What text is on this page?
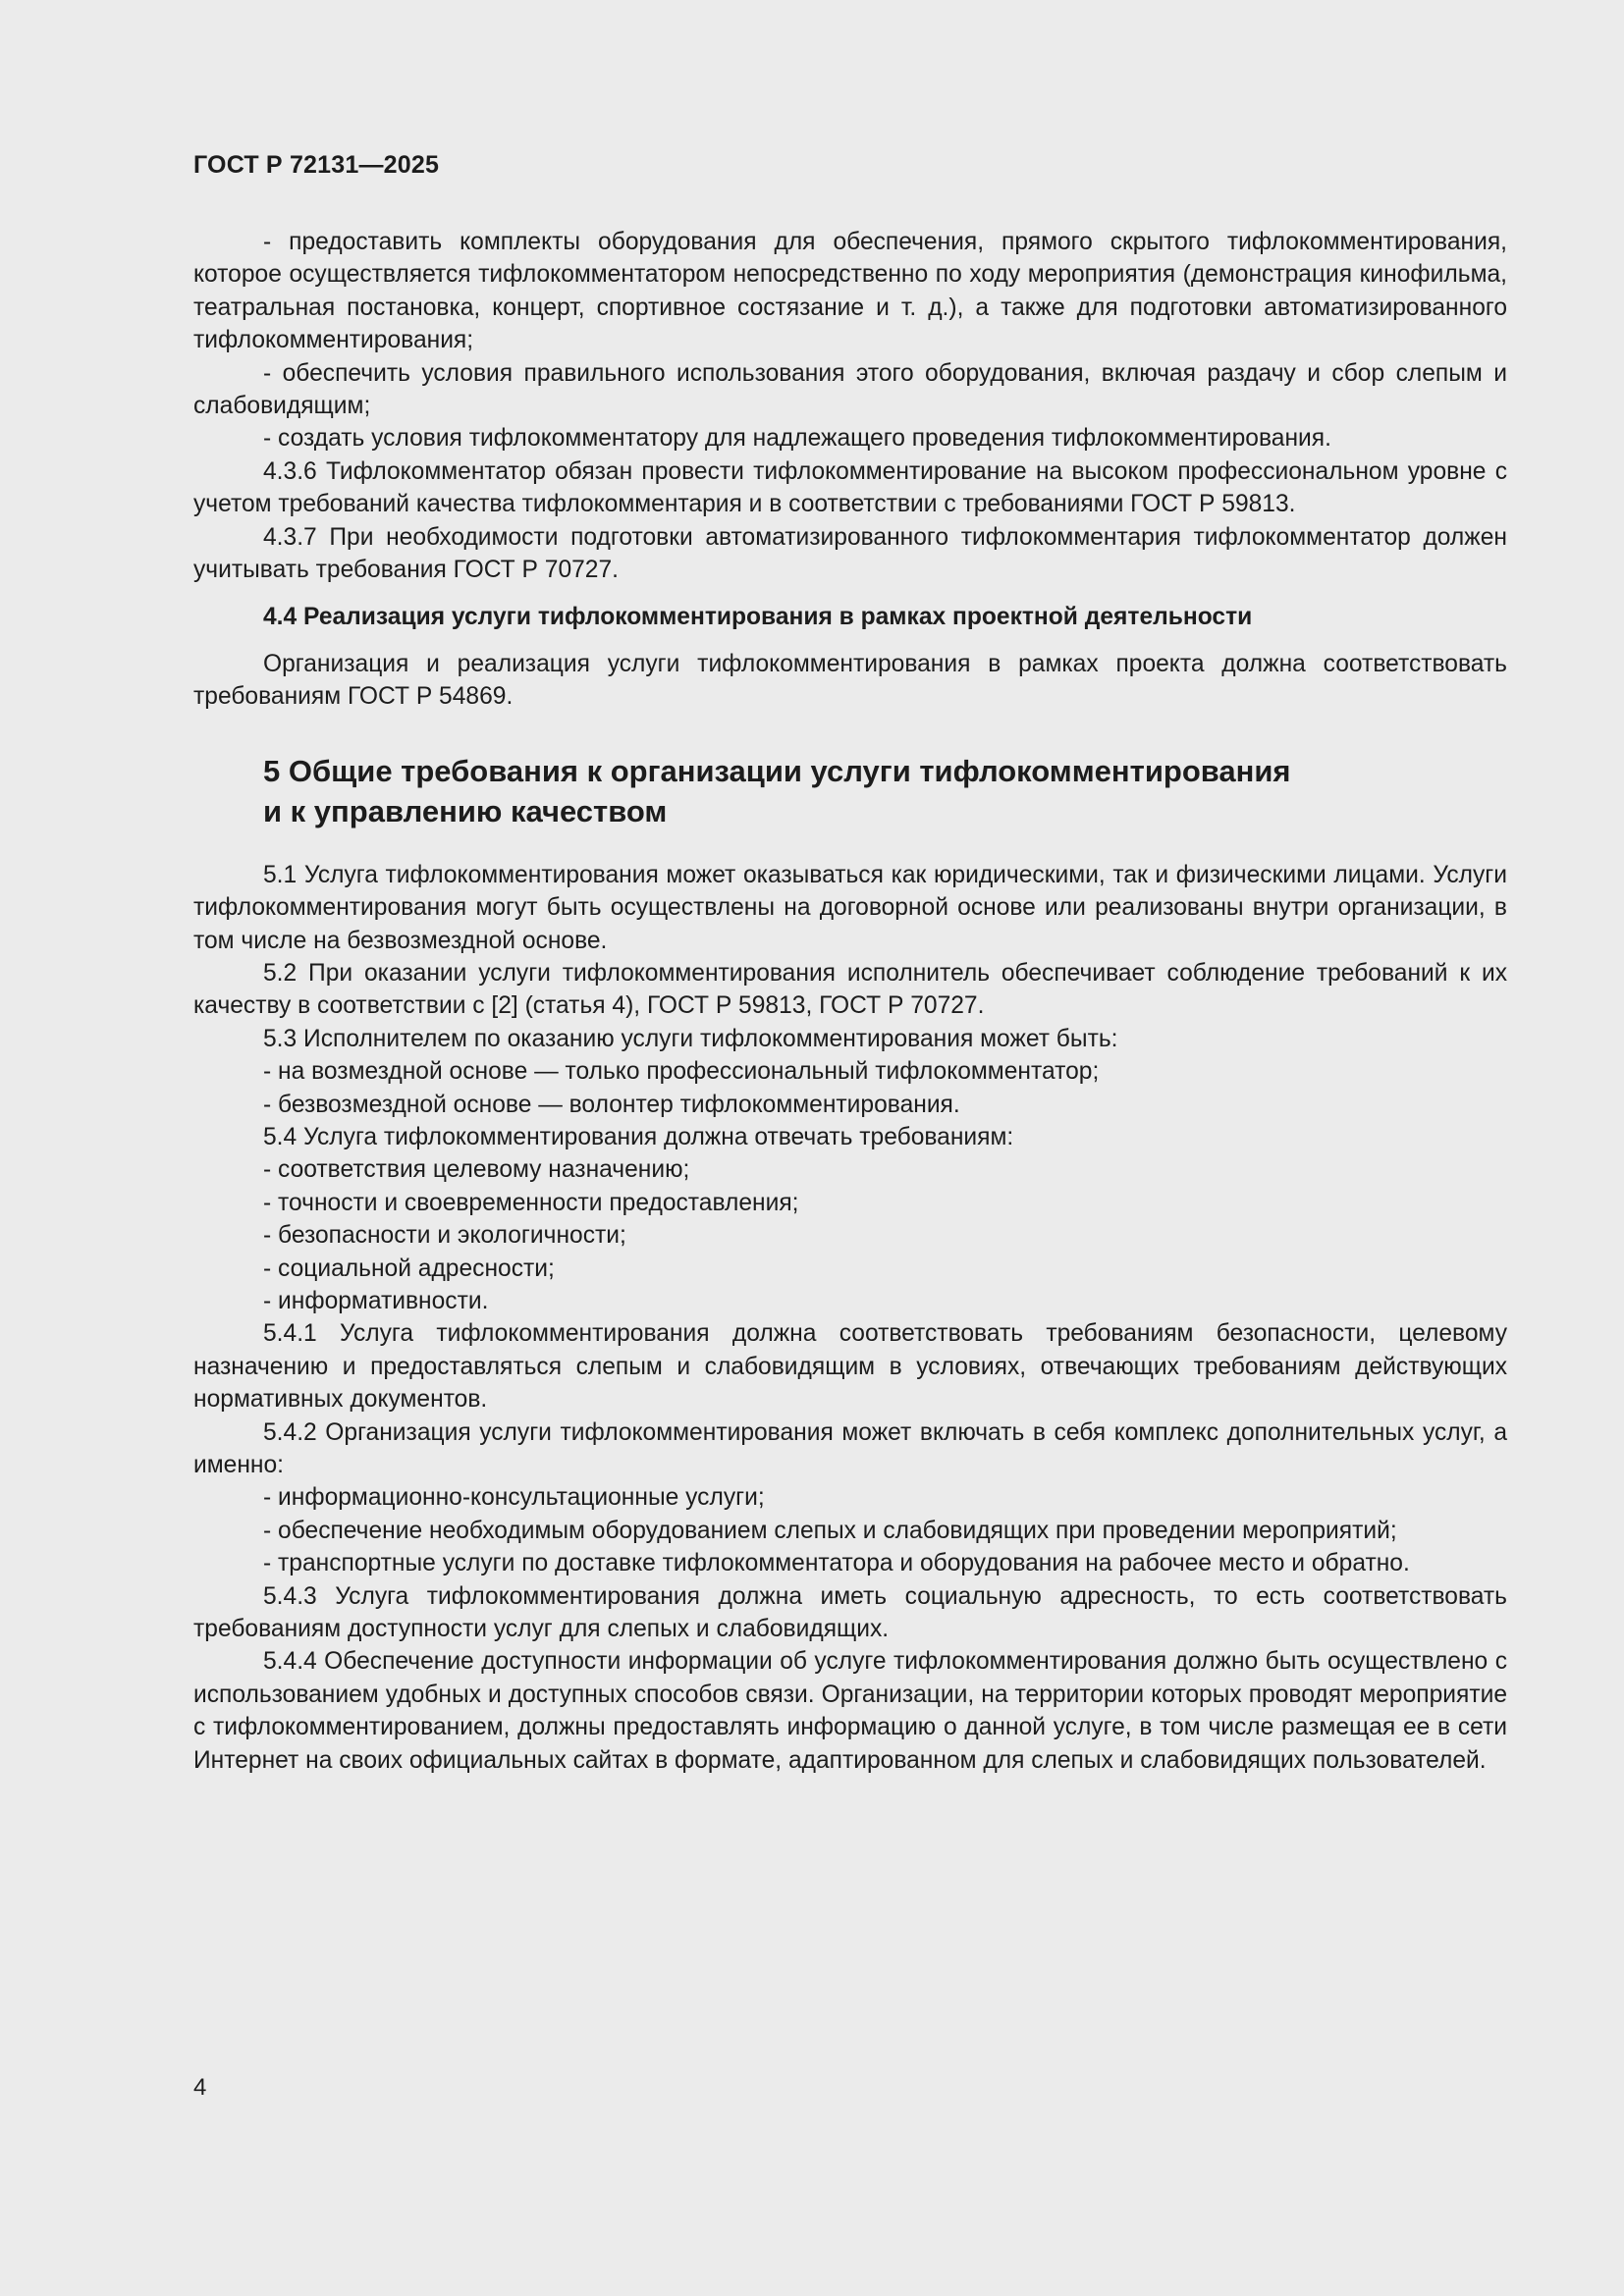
ГОСТ Р 72131—2025

- предоставить комплекты оборудования для обеспечения, прямого скрытого тифлокомментирования, которое осуществляется тифлокомментатором непосредственно по ходу мероприятия (демонстрация кинофильма, театральная постановка, концерт, спортивное состязание и т. д.), а также для подготовки автоматизированного тифлокомментирования;

- обеспечить условия правильного использования этого оборудования, включая раздачу и сбор слепым и слабовидящим;

- создать условия тифлокомментатору для надлежащего проведения тифлокомментирования.

4.3.6 Тифлокомментатор обязан провести тифлокомментирование на высоком профессиональном уровне с учетом требований качества тифлокомментария и в соответствии с требованиями ГОСТ Р 59813.

4.3.7 При необходимости подготовки автоматизированного тифлокомментария тифлокомментатор должен учитывать требования ГОСТ Р 70727.

4.4 Реализация услуги тифлокомментирования в рамках проектной деятельности

Организация и реализация услуги тифлокомментирования в рамках проекта должна соответствовать требованиям ГОСТ Р 54869.

5 Общие требования к организации услуги тифлокомментирования
и к управлению качеством

5.1 Услуга тифлокомментирования может оказываться как юридическими, так и физическими лицами. Услуги тифлокомментирования могут быть осуществлены на договорной основе или реализованы внутри организации, в том числе на безвозмездной основе.

5.2 При оказании услуги тифлокомментирования исполнитель обеспечивает соблюдение требований к их качеству в соответствии с [2] (статья 4), ГОСТ Р 59813, ГОСТ Р 70727.

5.3 Исполнителем по оказанию услуги тифлокомментирования может быть:

- на возмездной основе — только профессиональный тифлокомментатор;

- безвозмездной основе — волонтер тифлокомментирования.

5.4 Услуга тифлокомментирования должна отвечать требованиям:

- соответствия целевому назначению;

- точности и своевременности предоставления;

- безопасности и экологичности;

- социальной адресности;

- информативности.

5.4.1 Услуга тифлокомментирования должна соответствовать требованиям безопасности, целевому назначению и предоставляться слепым и слабовидящим в условиях, отвечающих требованиям действующих нормативных документов.

5.4.2 Организация услуги тифлокомментирования может включать в себя комплекс дополнительных услуг, а именно:

- информационно-консультационные услуги;

- обеспечение необходимым оборудованием слепых и слабовидящих при проведении мероприятий;

- транспортные услуги по доставке тифлокомментатора и оборудования на рабочее место и обратно.

5.4.3 Услуга тифлокомментирования должна иметь социальную адресность, то есть соответствовать требованиям доступности услуг для слепых и слабовидящих.

5.4.4 Обеспечение доступности информации об услуге тифлокомментирования должно быть осуществлено с использованием удобных и доступных способов связи. Организации, на территории которых проводят мероприятие с тифлокомментированием, должны предоставлять информацию о данной услуге, в том числе размещая ее в сети Интернет на своих официальных сайтах в формате, адаптированном для слепых и слабовидящих пользователей.

4
